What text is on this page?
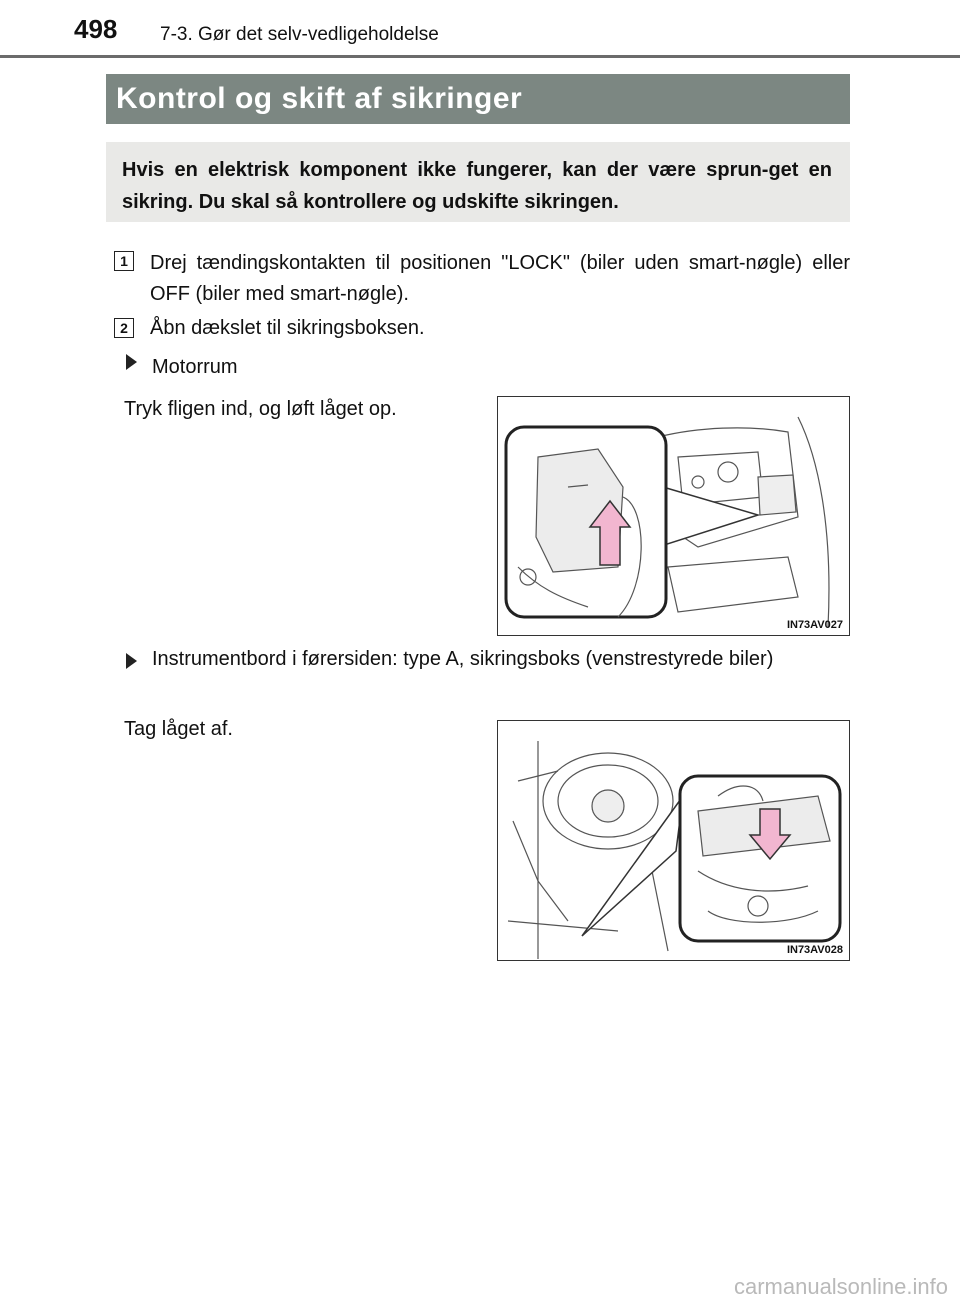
498 7-3. Gør det selv-vedligeholdelse
Kontrol og skift af sikringer
Hvis en elektrisk komponent ikke fungerer, kan der være sprun-get en sikring. Du skal så kontrollere og udskifte sikringen.
1	Drej tændingskontakten til positionen "LOCK" (biler uden smart-nøgle) eller OFF (biler med smart-nøgle).
2	Åbn dækslet til sikringsboksen.
Motorrum
Tryk fligen ind, og løft låget op.
IN73AV027
Instrumentbord i førersiden: type A, sikringsboks (venstrestyrede biler)
Tag låget af.
IN73AV028
carmanualsonline.info
